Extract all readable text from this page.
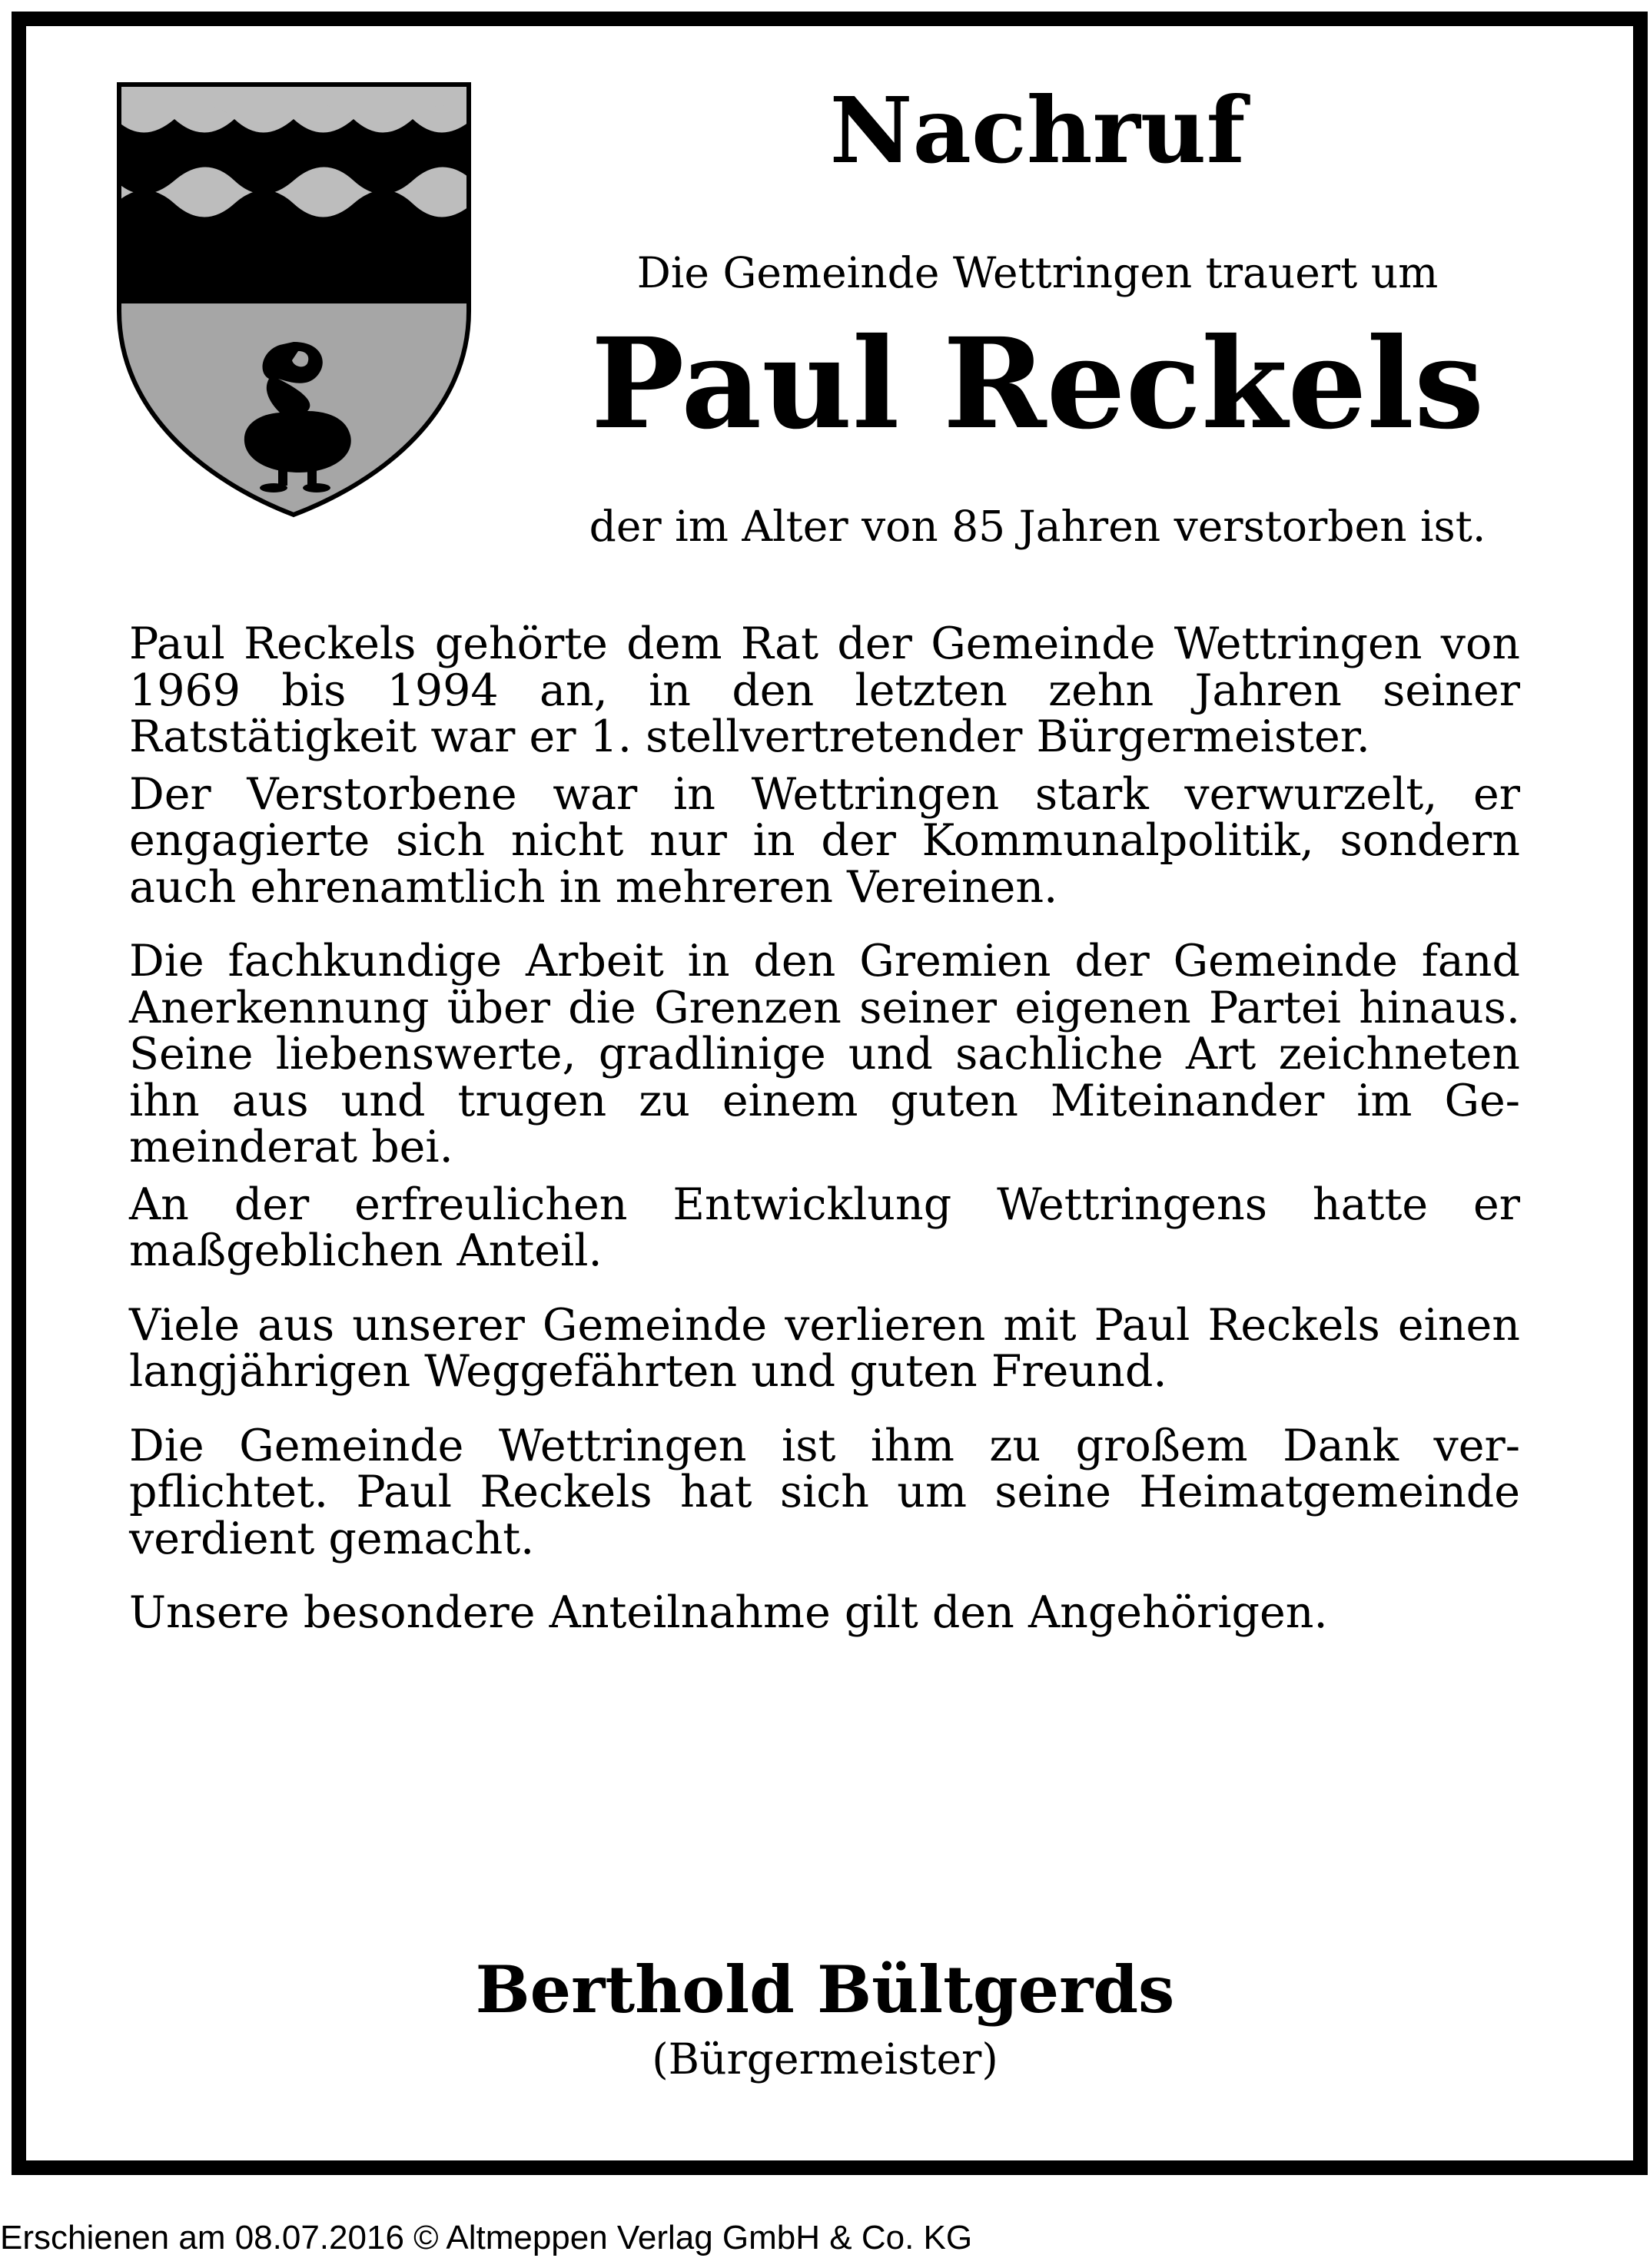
Nachruf
Die Gemeinde Wettringen trauert um
Paul Reckels
der im Alter von 85 Jahren verstorben ist.

Paul Reckels gehörte dem Rat der Gemeinde Wettringen von 1969 bis 1994 an, in den letzten zehn Jahren seiner Ratstätigkeit war er 1. stellvertretender Bürgermeister.

Der Verstorbene war in Wettringen stark verwurzelt, er engagierte sich nicht nur in der Kommunalpolitik, sondern auch ehrenamtlich in mehreren Vereinen.

Die fachkundige Arbeit in den Gremien der Gemeinde fand Anerkennung über die Grenzen seiner eigenen Partei hinaus. Seine liebenswerte, gradlinige und sachliche Art zeichneten ihn aus und trugen zu einem guten Miteinander im Gemeinderat bei.

An der erfreulichen Entwicklung Wettringens hatte er maßgeblichen Anteil.

Viele aus unserer Gemeinde verlieren mit Paul Reckels einen langjährigen Weggefährten und guten Freund.

Die Gemeinde Wettringen ist ihm zu großem Dank verpflichtet. Paul Reckels hat sich um seine Heimatgemeinde verdient gemacht.

Unsere besondere Anteilnahme gilt den Angehörigen.

Berthold Bültgerds
(Bürgermeister)
Erschienen am 08.07.2016 © Altmeppen Verlag GmbH & Co. KG
